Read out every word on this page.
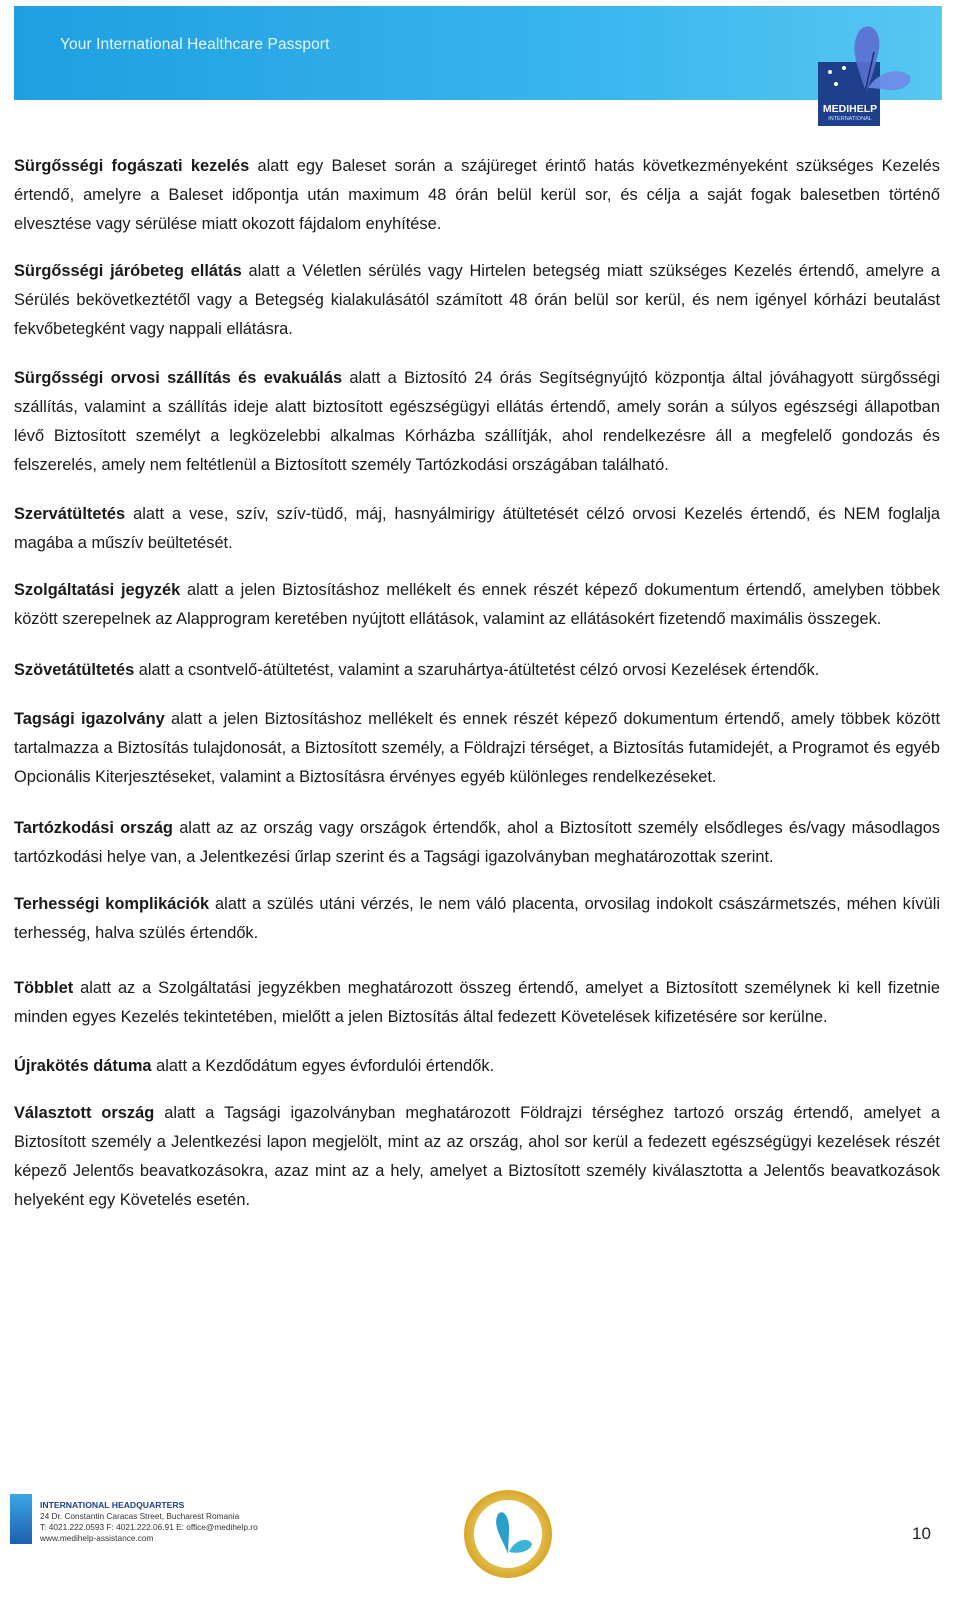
Your International Healthcare Passport
MEDIHELP
INTERNATIONAL

Sürgősségi fogászati kezelés alatt egy Baleset során a szájüreget érintő hatás következményeként szükséges Kezelés értendő, amelyre a Baleset időpontja után maximum 48 órán belül kerül sor, és célja a saját fogak balesetben történő elvesztése vagy sérülése miatt okozott fájdalom enyhítése.

Sürgősségi járóbeteg ellátás alatt a Véletlen sérülés vagy Hirtelen betegség miatt szükséges Kezelés értendő, amelyre a Sérülés bekövetkeztétől vagy a Betegség kialakulásától számított 48 órán belül sor kerül, és nem igényel kórházi beutalást fekvőbetegként vagy nappali ellátásra.

Sürgősségi orvosi szállítás és evakuálás alatt a Biztosító 24 órás Segítségnyújtó központja által jóváhagyott sürgősségi szállítás, valamint a szállítás ideje alatt biztosított egészségügyi ellátás értendő, amely során a súlyos egészségi állapotban lévő Biztosított személyt a legközelebbi alkalmas Kórházba szállítják, ahol rendelkezésre áll a megfelelő gondozás és felszerelés, amely nem feltétlenül a Biztosított személy Tartózkodási országában található.

Szervátültetés alatt a vese, szív, szív-tüdő, máj, hasnyálmirigy átültetését célzó orvosi Kezelés értendő, és NEM foglalja magába a műszív beültetését.

Szolgáltatási jegyzék alatt a jelen Biztosításhoz mellékelt és ennek részét képező dokumentum értendő, amelyben többek között szerepelnek az Alapprogram keretében nyújtott ellátások, valamint az ellátásokért fizetendő maximális összegek.

Szövetátültetés alatt a csontvelő-átültetést, valamint a szaruhártya-átültetést célzó orvosi Kezelések értendők.

Tagsági igazolvány alatt a jelen Biztosításhoz mellékelt és ennek részét képező dokumentum értendő, amely többek között tartalmazza a Biztosítás tulajdonosát, a Biztosított személy, a Földrajzi térséget, a Biztosítás futamidejét, a Programot és egyéb Opcionális Kiterjesztéseket, valamint a Biztosításra érvényes egyéb különleges rendelkezéseket.

Tartózkodási ország alatt az az ország vagy országok értendők, ahol a Biztosított személy elsődleges és/vagy másodlagos tartózkodási helye van, a Jelentkezési űrlap szerint és a Tagsági igazolványban meghatározottak szerint.

Terhességi komplikációk alatt a szülés utáni vérzés, le nem váló placenta, orvosilag indokolt császármetszés, méhen kívüli terhesség, halva szülés értendők.

Többlet alatt az a Szolgáltatási jegyzékben meghatározott összeg értendő, amelyet a Biztosított személynek ki kell fizetnie minden egyes Kezelés tekintetében, mielőtt a jelen Biztosítás által fedezett Követelések kifizetésére sor kerülne.

Újrakötés dátuma alatt a Kezdődátum egyes évfordulói értendők.

Választott ország alatt a Tagsági igazolványban meghatározott Földrajzi térséghez tartozó ország értendő, amelyet a Biztosított személy a Jelentkezési lapon megjelölt, mint az az ország, ahol sor kerül a fedezett egészségügyi kezelések részét képező Jelentős beavatkozásokra, azaz mint az a hely, amelyet a Biztosított személy kiválasztotta a Jelentős beavatkozások helyeként egy Követelés esetén.

INTERNATIONAL HEADQUARTERS
24 Dr. Constantin Caracas Street, Bucharest Romania
T: 4021.222.0593 F: 4021.222.06.91 E: office@medihelp.ro
www.medihelp-assistance.com	10
